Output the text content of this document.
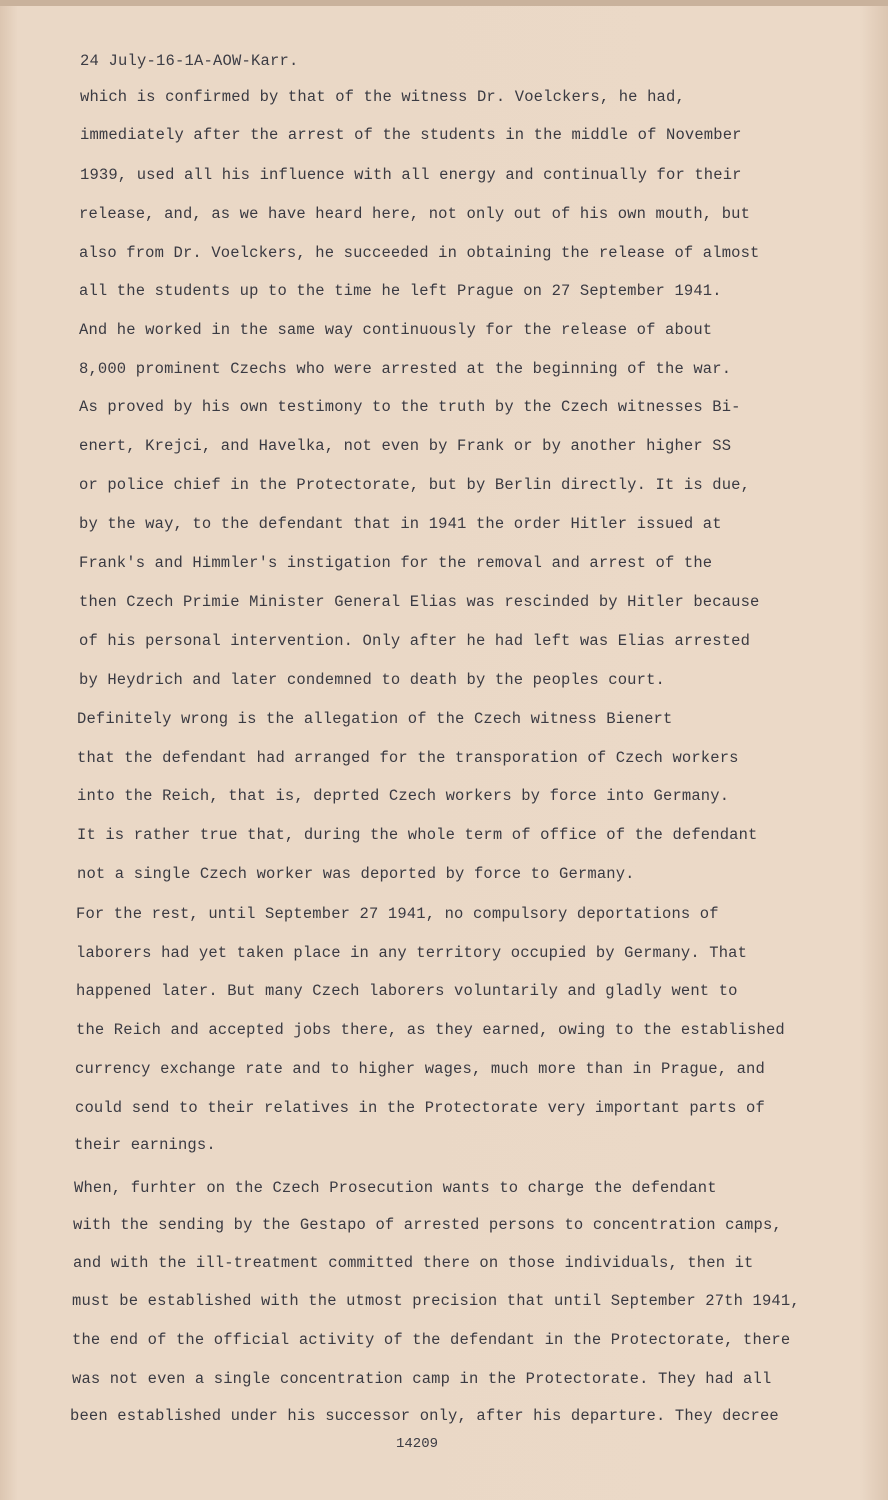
24 July-16-1A-AOW-Karr.
which is confirmed by that of the witness Dr. Voelckers, he had,
immediately after the arrest of the students in the middle of November
1939, used all his influence with all energy and continually for their
release, and, as we have heard here, not only out of his own mouth, but
also from Dr. Voelckers, he succeeded in obtaining the release of almost
all the students up to the time he left Prague on 27 September 1941.
And he worked in the same way continuously for the release of about
8,000 prominent Czechs who were arrested at the beginning of the war.
As proved by his own testimony to the truth by the Czech witnesses Bi-
enert, Krejci, and Havelka, not even by Frank or by another higher SS
or police chief in the Protectorate, but by Berlin directly. It is due,
by the way, to the defendant that in 1941 the order Hitler issued at
Frank's and Himmler's instigation for the removal and arrest of the
then Czech Primie Minister General Elias was rescinded by Hitler because
of his personal intervention. Only after he had left was Elias arrested
by Heydrich and later condemned to death by the peoples court.
Definitely wrong is the allegation of the Czech witness Bienert
that the defendant had arranged for the transporation of Czech workers
into the Reich, that is, deprted Czech workers by force into Germany.
It is rather true that, during the whole term of office of the defendant
not a single Czech worker was deported by force to Germany.
For the rest, until September 27 1941, no compulsory deportations of
laborers had yet taken place in any territory occupied by Germany. That
happened later. But many Czech laborers voluntarily and gladly went to
the Reich and accepted jobs there, as they earned, owing to the established
currency exchange rate and to higher wages, much more than in Prague, and
could send to their relatives in the Protectorate very important parts of
their earnings.
When, furhter on the Czech Prosecution wants to charge the defendant
with the sending by the Gestapo of arrested persons to concentration camps,
and with the ill-treatment committed there on those individuals, then it
must be established with the utmost precision that until September 27th 1941,
the end of the official activity of the defendant in the Protectorate, there
was not even a single concentration camp in the Protectorate. They had all
been established under his successor only, after his departure. They decree
14209
